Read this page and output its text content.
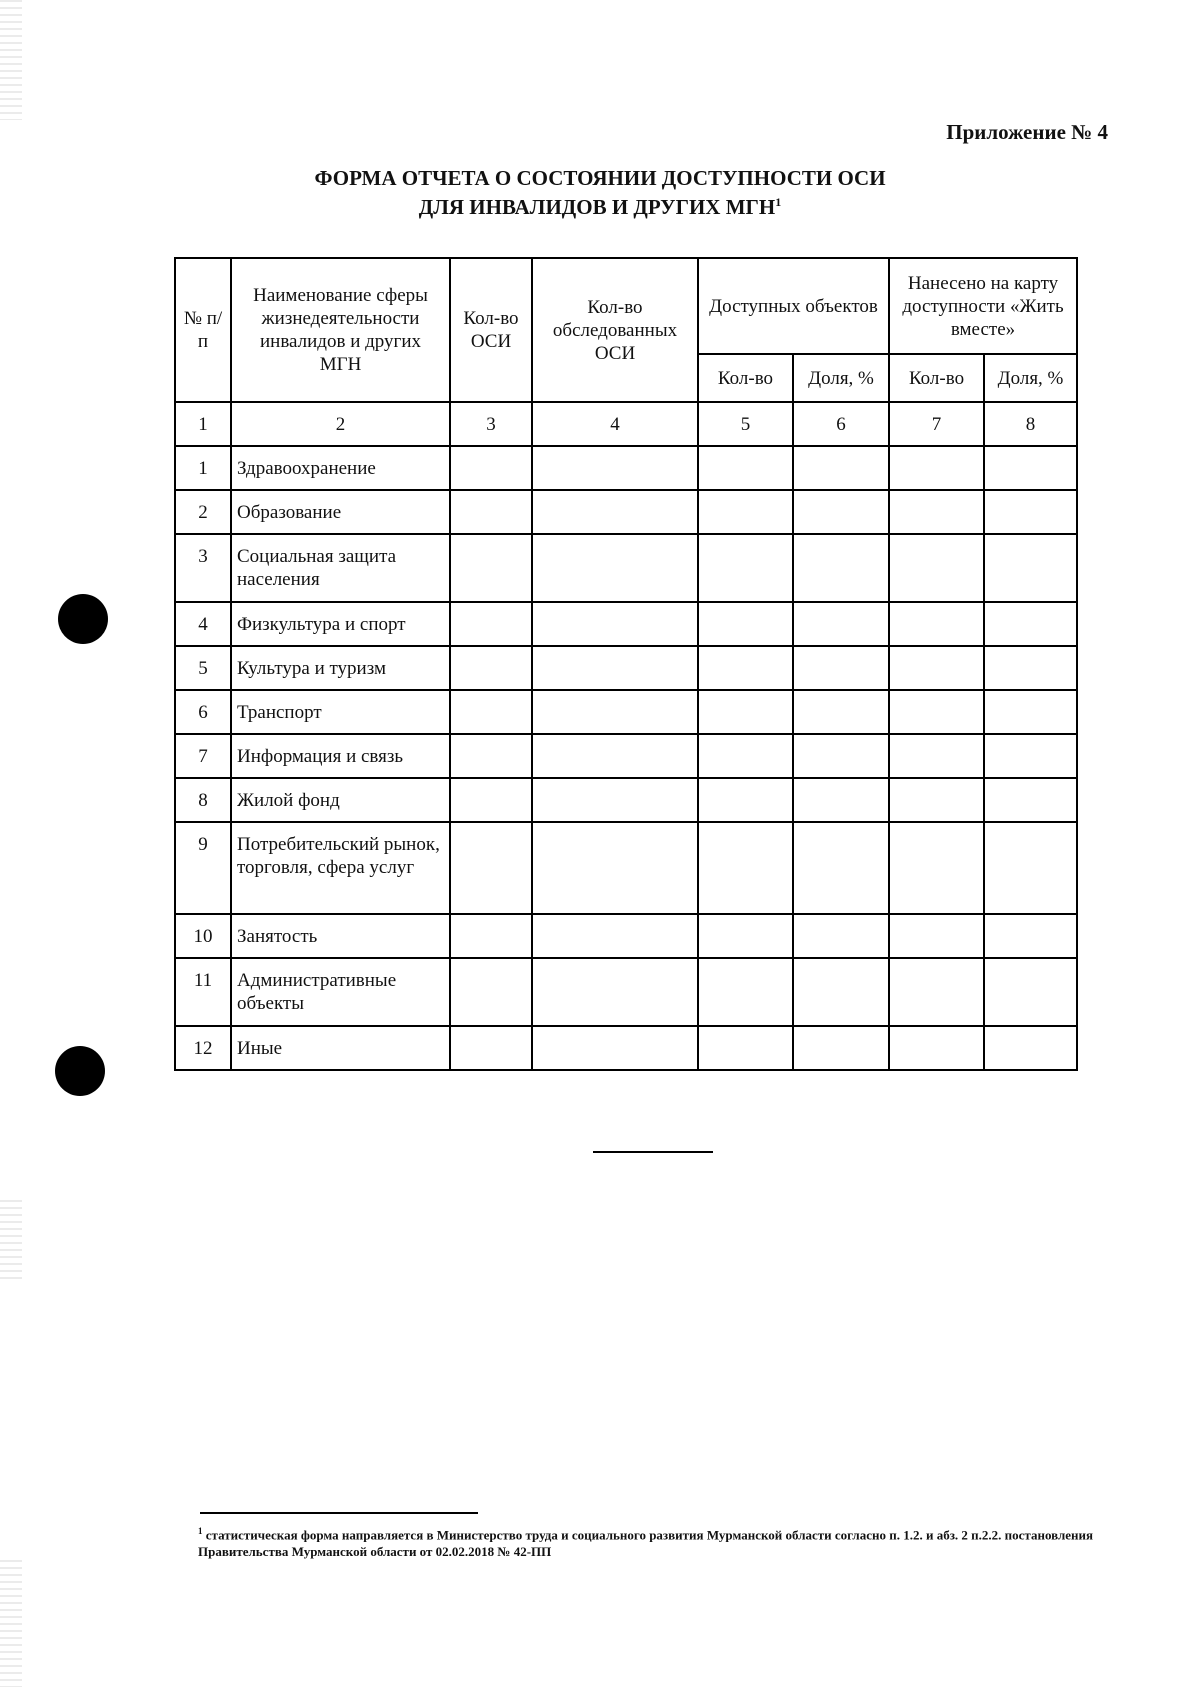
Приложение № 4
ФОРМА ОТЧЕТА О СОСТОЯНИИ ДОСТУПНОСТИ ОСИ
ДЛЯ ИНВАЛИДОВ И ДРУГИХ МГН$^1$
№ п/п	Наименование сферы жизнедеятельности инвалидов и других МГН	Кол-во ОСИ	Кол-во обследованных ОСИ	Доступных объектов		Нанесено на карту доступности «Жить вместе»	
				Кол-во	Доля, %	Кол-во	Доля, %
1	2	3	4	5	6	7	8
1	Здравоохранение						
2	Образование						
3	Социальная защита населения						
4	Физкультура и спорт						
5	Культура и туризм						
6	Транспорт						
7	Информация и связь						
8	Жилой фонд						
9	Потребительский рынок, торговля, сфера услуг						
10	Занятость						
11	Административные объекты						
12	Иные						
$^1$ статистическая форма направляется в Министерство труда и социального развития Мурманской области согласно п. 1.2. и абз. 2 п.2.2. постановления Правительства Мурманской области от 02.02.2018 № 42-ПП
